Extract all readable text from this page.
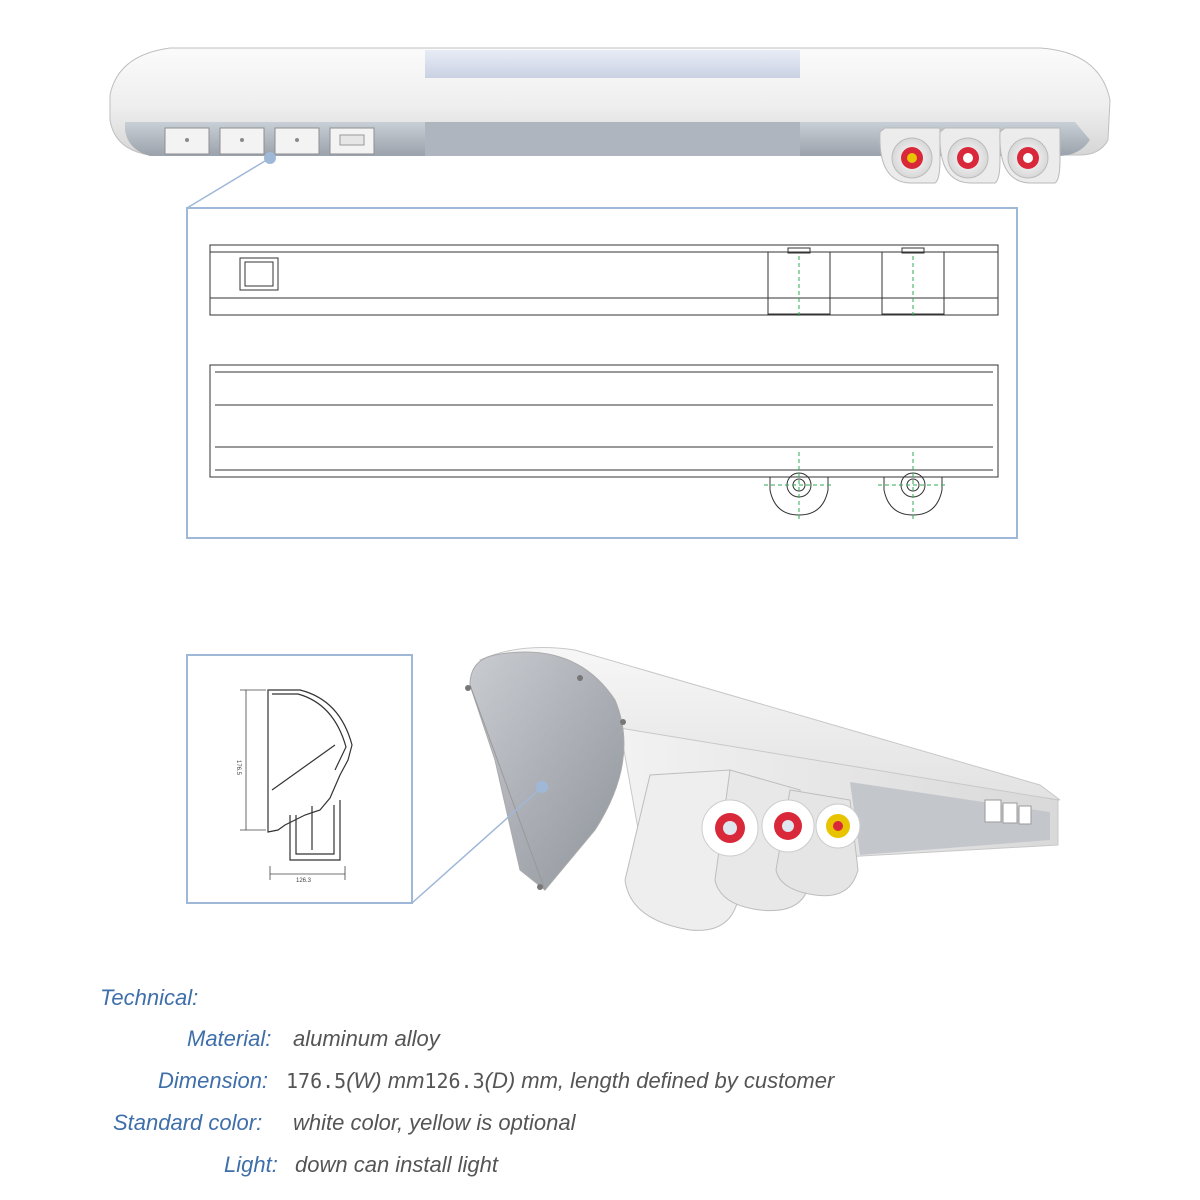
176.5
126.3
Technical:
Material: aluminum alloy
Dimension: 176.5(W) mm126.3(D) mm, length defined by customer
Standard color: white color, yellow is optional
Light: down can install light
